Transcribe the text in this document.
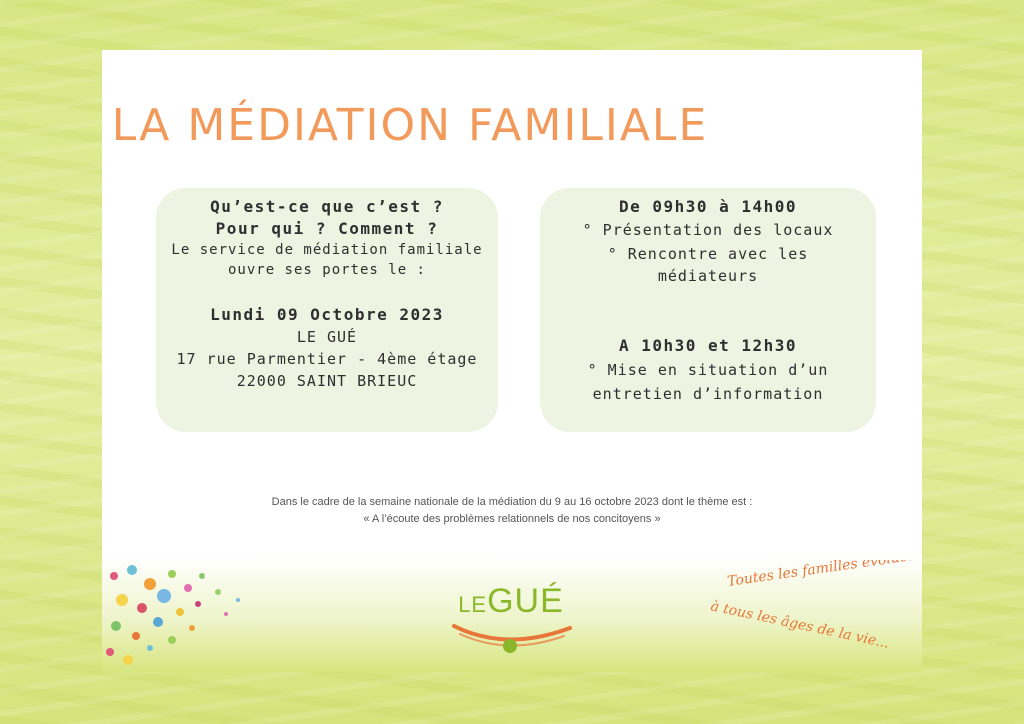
LA MÉDIATION FAMILIALE
Qu’est-ce que c’est ?
Pour qui ? Comment ?
Le service de médiation familiale
ouvre ses portes le :
Lundi 09 Octobre 2023
LE GUÉ
17 rue Parmentier - 4ème étage
22000 SAINT BRIEUC
De 09h30 à 14h00
° Présentation des locaux
° Rencontre avec les
médiateurs
A 10h30 et 12h30
° Mise en situation d’un
entretien d’information
Dans le cadre de la semaine nationale de la médiation du 9 au 16 octobre 2023 dont le thème est :
« A l’écoute des problèmes relationnels de nos concitoyens »
LEGUÉ
Toutes les familles évoluent,
à tous les âges de la vie...
